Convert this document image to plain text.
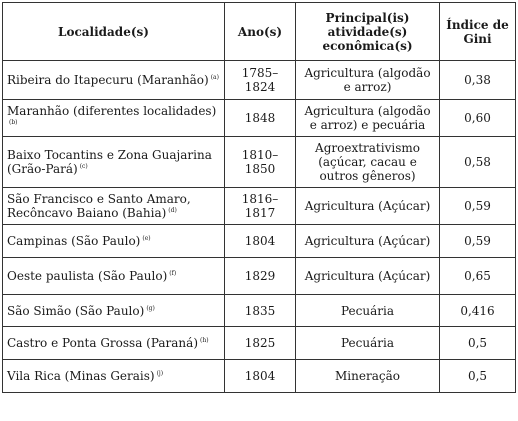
Localidade(s)	Ano(s)	Principal(is) atividade(s) econômica(s)	Índice de Gini
Ribeira do Itapecuru (Maranhão) $^{(a)}$	1785–1824	Agricultura (algodão e arroz)	0,38
Maranhão (diferentes localidades)$^{(b)}$	1848	Agricultura (algodão e arroz) e pecuária	0,60
Baixo Tocantins e Zona Guajarina (Grão-Pará) $^{(c)}$	1810–1850	Agroextrativismo (açúcar, cacau e outros gêneros)	0,58
São Francisco e Santo Amaro, Recôncavo Baiano (Bahia) $^{(d)}$	1816–1817	Agricultura (Açúcar)	0,59
Campinas (São Paulo) $^{(e)}$	1804	Agricultura (Açúcar)	0,59
Oeste paulista (São Paulo) $^{(f)}$	1829	Agricultura (Açúcar)	0,65
São Simão (São Paulo) $^{(g)}$	1835	Pecuária	0,416
Castro e Ponta Grossa (Paraná) $^{(h)}$	1825	Pecuária	0,5
Vila Rica (Minas Gerais) $^{(j)}$	1804	Mineração	0,5
